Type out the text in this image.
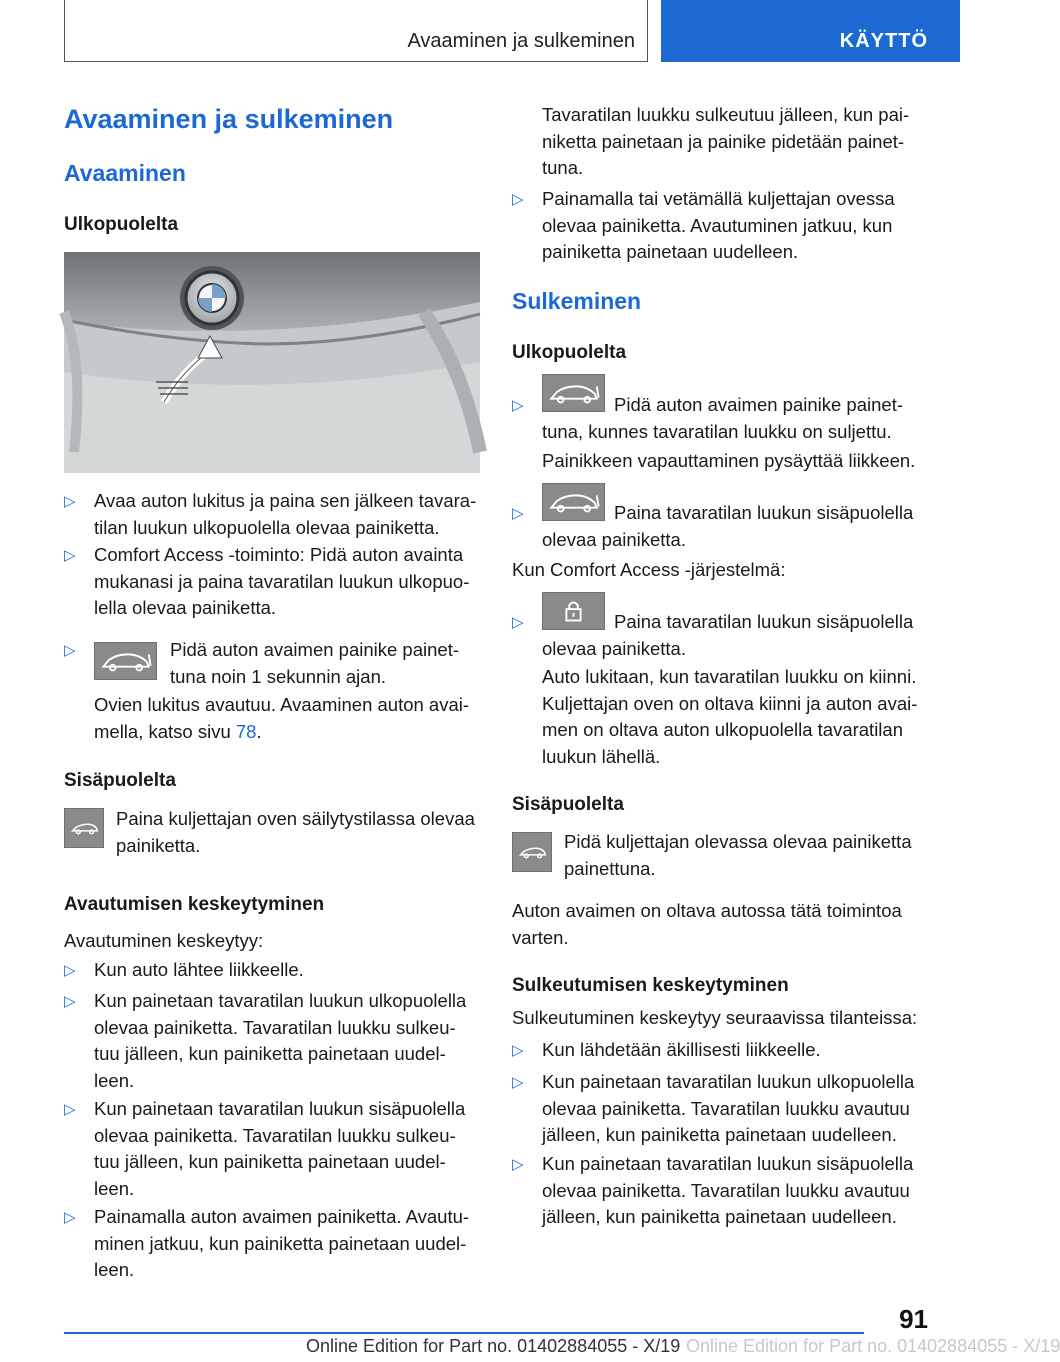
Avaaminen ja sulkeminen	KÄYTTÖ
Avaaminen ja sulkeminen
Avaaminen
Ulkopuolelta
▷ Avaa auton lukitus ja paina sen jälkeen tavara-tilan luukun ulkopuolella olevaa painiketta.
▷ Comfort Access -toiminto: Pidä auton avainta mukanasi ja paina tavaratilan luukun ulkopuo-lella olevaa painiketta.
▷	Pidä auton avaimen painike painet-tuna noin 1 sekunnin ajan.
Ovien lukitus avautuu. Avaaminen auton avai-mella, katso sivu 78.
Sisäpuolelta
Paina kuljettajan oven säilytystilassa olevaa painiketta.
Avautumisen keskeytyminen
Avautuminen keskeytyy:
▷ Kun auto lähtee liikkeelle.
▷ Kun painetaan tavaratilan luukun ulkopuolella olevaa painiketta. Tavaratilan luukku sulkeu-tuu jälleen, kun painiketta painetaan uudel-leen.
▷ Kun painetaan tavaratilan luukun sisäpuolella olevaa painiketta. Tavaratilan luukku sulkeu-tuu jälleen, kun painiketta painetaan uudel-leen.
▷ Painamalla auton avaimen painiketta. Avautu-minen jatkuu, kun painiketta painetaan uudel-leen.
Tavaratilan luukku sulkeutuu jälleen, kun pai-niketta painetaan ja painike pidetään painet-tuna.
▷ Painamalla tai vetämällä kuljettajan ovessa olevaa painiketta. Avautuminen jatkuu, kun painiketta painetaan uudelleen.
Sulkeminen
Ulkopuolelta
▷	Pidä auton avaimen painike painet-tuna, kunnes tavaratilan luukku on suljettu.
Painikkeen vapauttaminen pysäyttää liikkeen.
▷	Paina tavaratilan luukun sisäpuolella olevaa painiketta.
Kun Comfort Access -järjestelmä:
▷	Paina tavaratilan luukun sisäpuolella olevaa painiketta.
Auto lukitaan, kun tavaratilan luukku on kiinni. Kuljettajan oven on oltava kiinni ja auton avai-men on oltava auton ulkopuolella tavaratilan luukun lähellä.
Sisäpuolelta
Pidä kuljettajan olevassa olevaa painiketta painettuna.
Auton avaimen on oltava autossa tätä toimintoa varten.
Sulkeutumisen keskeytyminen
Sulkeutuminen keskeytyy seuraavissa tilanteissa:
▷ Kun lähdetään äkillisesti liikkeelle.
▷ Kun painetaan tavaratilan luukun ulkopuolella olevaa painiketta. Tavaratilan luukku avautuu jälleen, kun painiketta painetaan uudelleen.
▷ Kun painetaan tavaratilan luukun sisäpuolella olevaa painiketta. Tavaratilan luukku avautuu jälleen, kun painiketta painetaan uudelleen.
91
Online Edition for Part no. 01402884055 - X/19 Online Edition for Part no. 01402884055 - X/19
